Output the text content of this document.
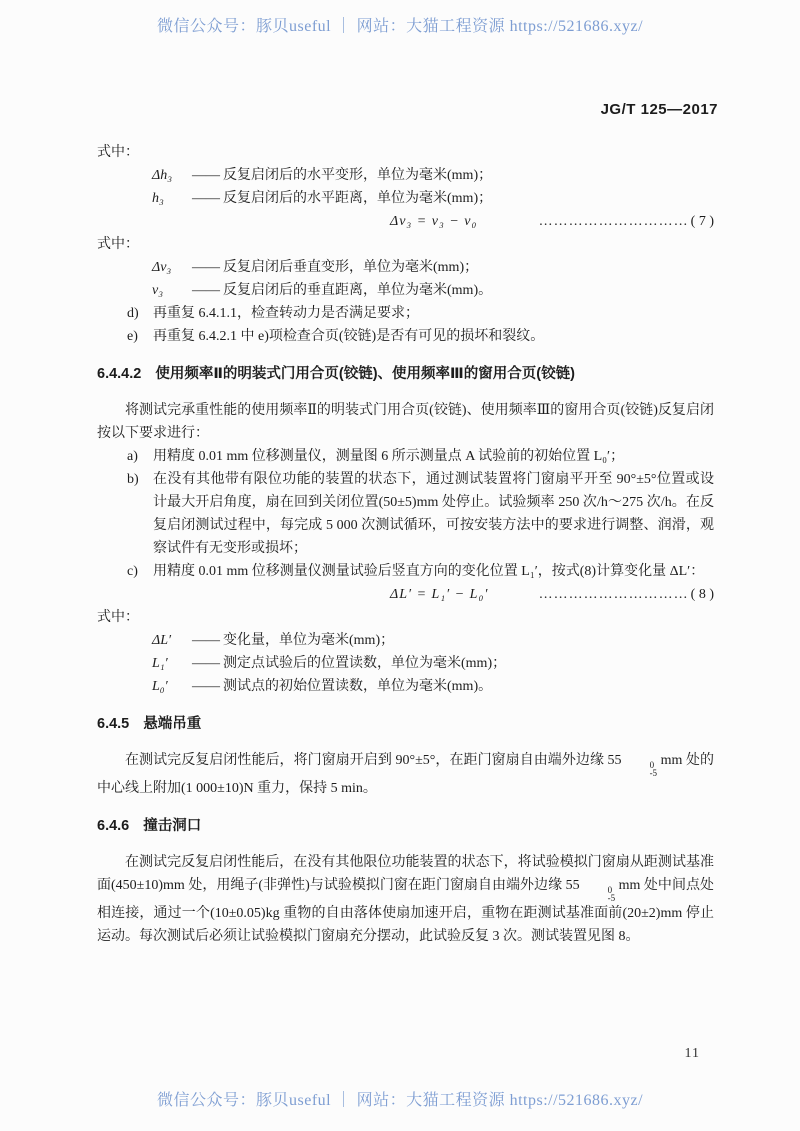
微信公众号：豚贝useful ｜ 网站：大猫工程资源 https://521686.xyz/
JG/T 125—2017

式中：

Δh₃	—— 反复启闭后的水平变形，单位为毫米(mm)；
h₃	—— 反复启闭后的水平距离，单位为毫米(mm)；
Δv₃ = v₃ − v₀	………………………… ( 7 )

式中：

Δv₃	—— 反复启闭后垂直变形，单位为毫米(mm)；
v₃	—— 反复启闭后的垂直距离，单位为毫米(mm)。
d) 再重复 6.4.1.1，检查转动力是否满足要求；
e) 再重复 6.4.2.1 中 e)项检查合页(铰链)是否有可见的损坏和裂纹。
6.4.4.2 使用频率Ⅱ的明装式门用合页(铰链)、使用频率Ⅲ的窗用合页(铰链)

将测试完承重性能的使用频率Ⅱ的明装式门用合页(铰链)、使用频率Ⅲ的窗用合页(铰链)反复启闭按以下要求进行：

a) 用精度 0.01 mm 位移测量仪，测量图 6 所示测量点 A 试验前的初始位置 L₀′；
b) 在没有其他带有限位功能的装置的状态下，通过测试装置将门窗扇平开至 90°±5°位置或设计最大开启角度，扇在回到关闭位置(50±5)mm 处停止。试验频率 250 次/h～275 次/h。在反复启闭测试过程中，每完成 5 000 次测试循环，可按安装方法中的要求进行调整、润滑，观察试件有无变形或损坏；
c) 用精度 0.01 mm 位移测量仪测量试验后竖直方向的变化位置 L₁′，按式(8)计算变化量 ΔL′：
ΔL′ = L₁′ − L₀′	………………………… ( 8 )

式中：

ΔL′	—— 变化量，单位为毫米(mm)；
L₁′	—— 测定点试验后的位置读数，单位为毫米(mm)；
L₀′	—— 测试点的初始位置读数，单位为毫米(mm)。
6.4.5 悬端吊重

在测试完反复启闭性能后，将门窗扇开启到 90°±5°，在距门窗扇自由端外边缘 55	0
-5
mm 处的中心线上附加(1 000±10)N 重力，保持 5 min。

6.4.6 撞击洞口

在测试完反复启闭性能后，在没有其他限位功能装置的状态下，将试验模拟门窗扇从距测试基准面(450±10)mm 处，用绳子(非弹性)与试验模拟门窗在距门窗扇自由端外边缘 55	0
-5
mm 处中间点处相连接，通过一个(10±0.05)kg 重物的自由落体使扇加速开启，重物在距测试基准面前(20±2)mm 停止运动。每次测试后必须让试验模拟门窗扇充分摆动，此试验反复 3 次。测试装置见图 8。

11
微信公众号：豚贝useful ｜ 网站：大猫工程资源 https://521686.xyz/
